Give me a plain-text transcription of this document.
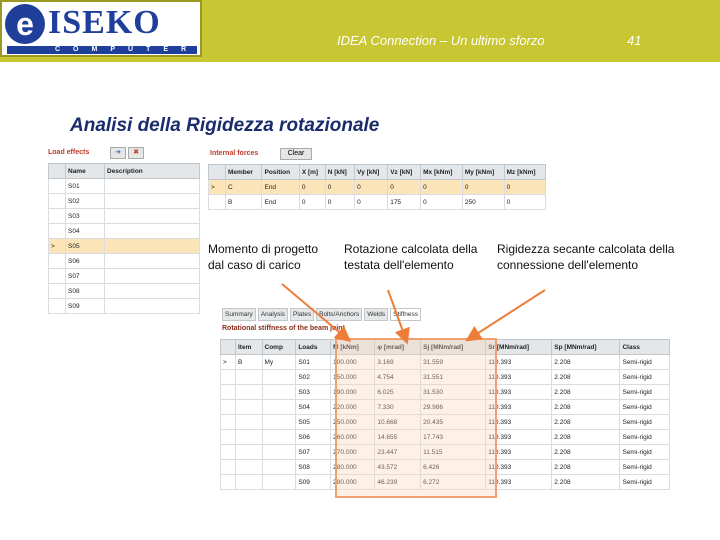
e ISEKO
COMPUTER
IDEA Connection – Un ultimo sforzo	41
Analisi della Rigidezza rotazionale
Load effects	➜	✖
	Name	Description
	S01	
	S02	
	S03	
	S04	
>	S05	
	S06	
	S07	
	S08	
	S09	
Internal forces	Clear
	Member	Position	X [m]	N [kN]	Vy [kN]	Vz [kN]	Mx [kNm]	My [kNm]	Mz [kNm]
>	C	End	0	0	0	0	0	0	0
	B	End	0	0	0	175	0	250	0
Momento di progetto dal caso di carico
Rotazione calcolata della testata dell'elemento
Rigidezza secante calcolata della connessione dell'elemento
Summary	Analysis	Plates	Bolts/Anchors	Welds	Stiffness
Rotational stiffness of the beam joint
	Item	Comp	Loads	M [kNm]	φ [mrad]	Sj [MNm/rad]	Sr [MNm/rad]	Sp [MNm/rad]	Class
>	B	My	S01	100.000	3.169	31.559	110.393	2.208	Semi-rigid
			S02	150.000	4.754	31.551	110.393	2.208	Semi-rigid
			S03	190.000	6.025	31.530	110.393	2.208	Semi-rigid
			S04	220.000	7.330	29.986	110.393	2.208	Semi-rigid
			S05	250.000	10.668	20.435	110.393	2.208	Semi-rigid
			S06	260.000	14.655	17.743	110.393	2.208	Semi-rigid
			S07	270.000	23.447	11.515	110.393	2.208	Semi-rigid
			S08	280.000	43.572	6.426	110.393	2.208	Semi-rigid
			S09	280.000	46.239	6.272	110.393	2.208	Semi-rigid
